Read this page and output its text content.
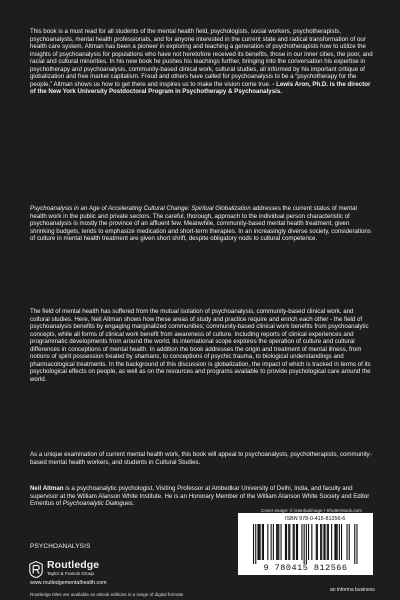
This book is a must read for all students of the mental health field, psychologists, social workers, psychotherapists, psychoanalysts, mental health professionals, and for anyone interested in the current state and radical transformation of our health care system. Altman has been a pioneer in exploring and teaching a generation of psychotherapists how to utilize the insights of psychoanalysis for populations who have not heretofore received its benefits, those in our inner cities, the poor, and racial and cultural minorities. In his new book he pushes his teachings further, bringing into the conversation his expertise in psychotherapy and psychoanalysis, community-based clinical work, cultural studies, all informed by his important critique of globalization and free market capitalism. Freud and others have called for psychoanalysis to be a “psychotherapy for the people,” Altman shows us how to get there and inspires us to make the vision come true. - Lewis Aron, Ph.D. is the director of the New York University Postdoctoral Program in Psychotherapy & Psychoanalysis.

Psychoanalysis in an Age of Accelerating Cultural Change: Spiritual Globalization addresses the current status of mental health work in the public and private sectors. The careful, thorough, approach to the individual person characteristic of psychoanalysis is mostly the province of an affluent few. Meanwhile, community-based mental health treatment, given shrinking budgets, tends to emphasize medication and short-term therapies. In an increasingly diverse society, considerations of culture in mental health treatment are given short shrift, despite obligatory nods to cultural competence.

The field of mental health has suffered from the mutual isolation of psychoanalysis, community-based clinical work, and cultural studies. Here, Neil Altman shows how these areas of study and practice require and enrich each other - the field of psychoanalysis benefits by engaging marginalized communities; community-based clinical work benefits from psychoanalytic concepts, while all forms of clinical work benefit from awareness of culture. Including reports of clinical experiences and programmatic developments from around the world, its international scope explores the operation of culture and cultural differences in conceptions of mental health. In addition the book addresses the origin and treatment of mental illness, from notions of spirit possession treated by shamans, to conceptions of psychic trauma, to biological understandings and pharmacological treatments. In the background of this discussion is globalization, the impact of which is tracked in terms of its psychological effects on people, as well as on the resources and programs available to provide psychological care around the world.

As a unique examination of current mental health work, this book will appeal to psychoanalysts, psychotherapists, community-based mental health workers, and students in Cultural Studies.

Neil Altman is a psychoanalytic psychologist, Visiting Professor at Ambedkar University of Delhi, India, and faculty and supervisor at the William Alanson White Institute. He is an Honorary Member of the William Alanson White Society and Editor Emeritus of Psychoanalytic Dialogues.

PSYCHOANALYSIS
Routledge
Taylor & Francis Group
www.routledgementalhealth.com
Routledge titles are available as eBook editions in a range of digital formats
Cover image: © istanbulimage / Shutterstock.com
ISBN 978-0-415-81256-6
9 780415 812566
an informa business
